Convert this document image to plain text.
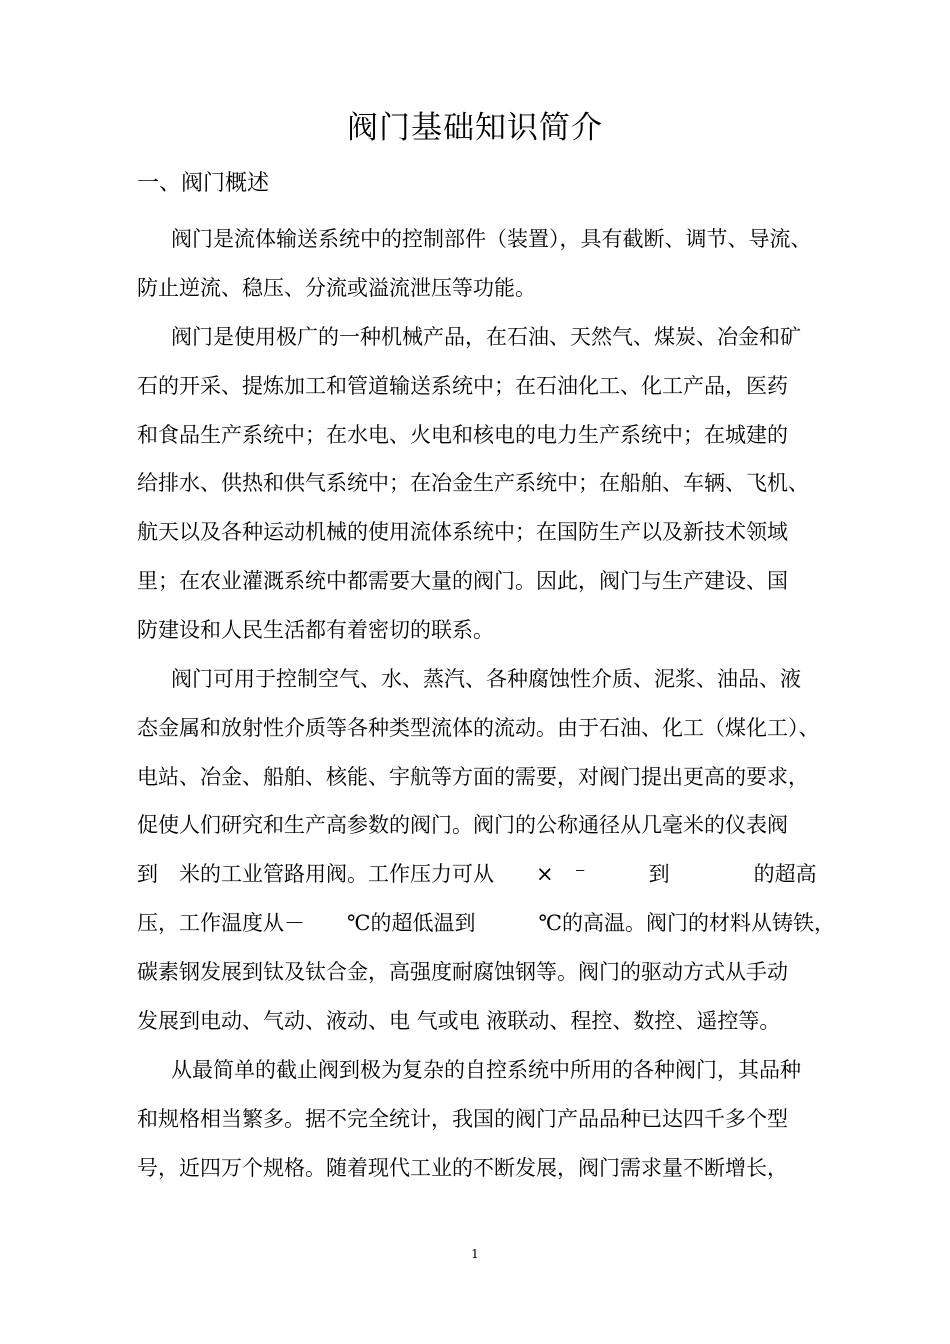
阀门基础知识简介
一、阀门概述
阀门是流体输送系统中的控制部件（装置），具有截断、调节、导流、
防止逆流、稳压、分流或溢流泄压等功能。
阀门是使用极广的一种机械产品，在石油、天然气、煤炭、冶金和矿
石的开采、提炼加工和管道输送系统中；在石油化工、化工产品，医药
和食品生产系统中；在水电、火电和核电的电力生产系统中；在城建的
给排水、供热和供气系统中；在冶金生产系统中；在船舶、车辆、飞机、
航天以及各种运动机械的使用流体系统中；在国防生产以及新技术领域
里；在农业灌溉系统中都需要大量的阀门。因此，阀门与生产建设、国
防建设和人民生活都有着密切的联系。
阀门可用于控制空气、水、蒸汽、各种腐蚀性介质、泥浆、油品、液
态金属和放射性介质等各种类型流体的流动。由于石油、化工（煤化工）、
电站、冶金、船舶、核能、宇航等方面的需要，对阀门提出更高的要求，
促使人们研究和生产高参数的阀门。阀门的公称通径从几毫米的仪表阀
到　米的工业管路用阀。工作压力可从　　×　⁻　　　到　　　　的超高
压，工作温度从－　　℃的超低温到　　　℃的高温。阀门的材料从铸铁，
碳素钢发展到钛及钛合金，高强度耐腐蚀钢等。阀门的驱动方式从手动
发展到电动、气动、液动、电 气或电 液联动、程控、数控、遥控等。
从最简单的截止阀到极为复杂的自控系统中所用的各种阀门，其品种
和规格相当繁多。据不完全统计，我国的阀门产品品种已达四千多个型
号，近四万个规格。随着现代工业的不断发展，阀门需求量不断增长，
1
